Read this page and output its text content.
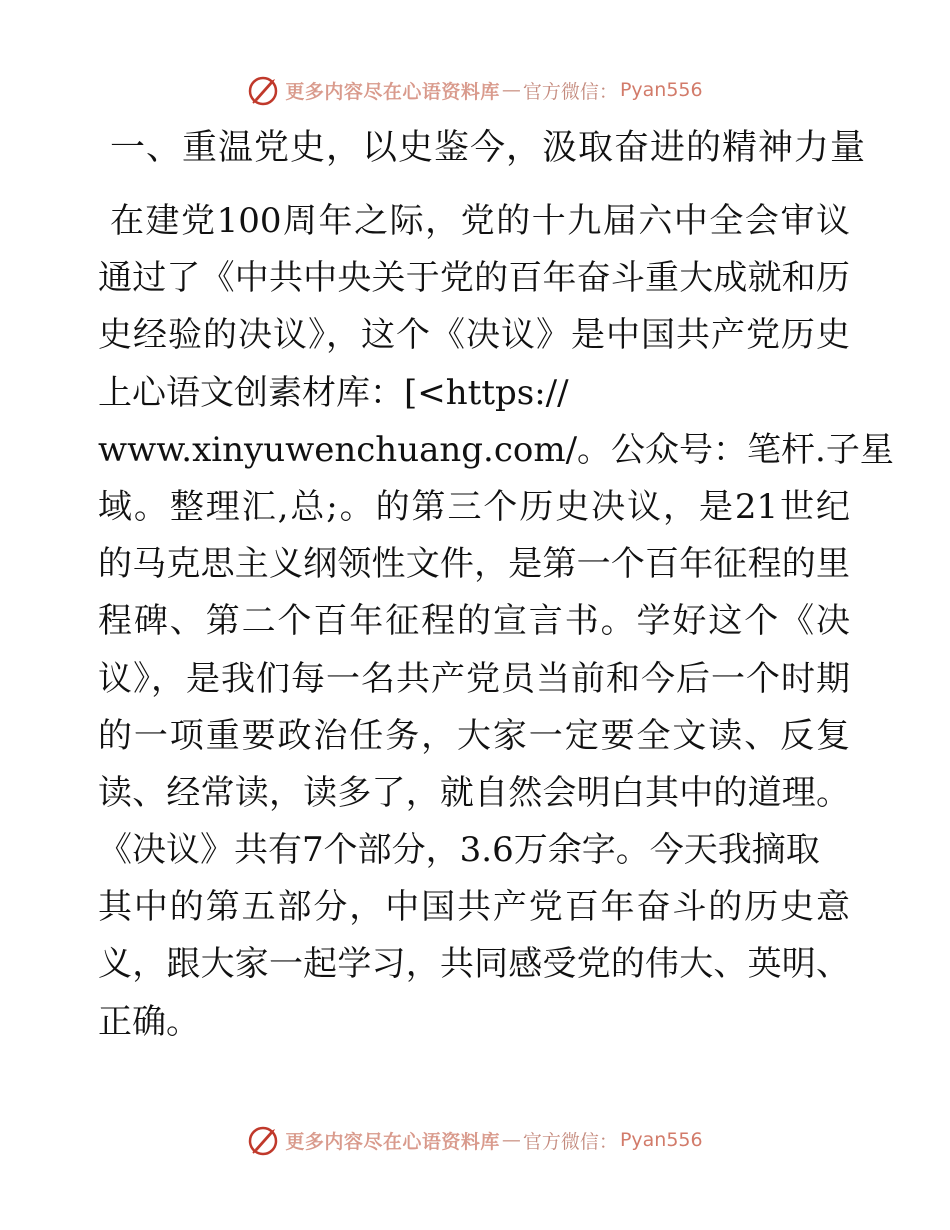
更多内容尽在心语资料库 — 官方微信： Pyan556
一、重温党史，以史鉴今，汲取奋进的精神力量
在建党100周年之际，党的十九届六中全会审议
通过了《中共中央关于党的百年奋斗重大成就和历
史经验的决议》，这个《决议》是中国共产党历史
上心语文创素材库：[<https://
www.xinyuwenchuang.com/。公众号：笔杆.子星
域。整理汇,总;。的第三个历史决议，是21世纪
的马克思主义纲领性文件，是第一个百年征程的里
程碑、第二个百年征程的宣言书。学好这个《决
议》，是我们每一名共产党员当前和今后一个时期
的一项重要政治任务，大家一定要全文读、反复
读、经常读，读多了，就自然会明白其中的道理。
《决议》共有7个部分，3.6万余字。今天我摘取
其中的第五部分，中国共产党百年奋斗的历史意
义，跟大家一起学习，共同感受党的伟大、英明、
正确。
更多内容尽在心语资料库 — 官方微信： Pyan556
